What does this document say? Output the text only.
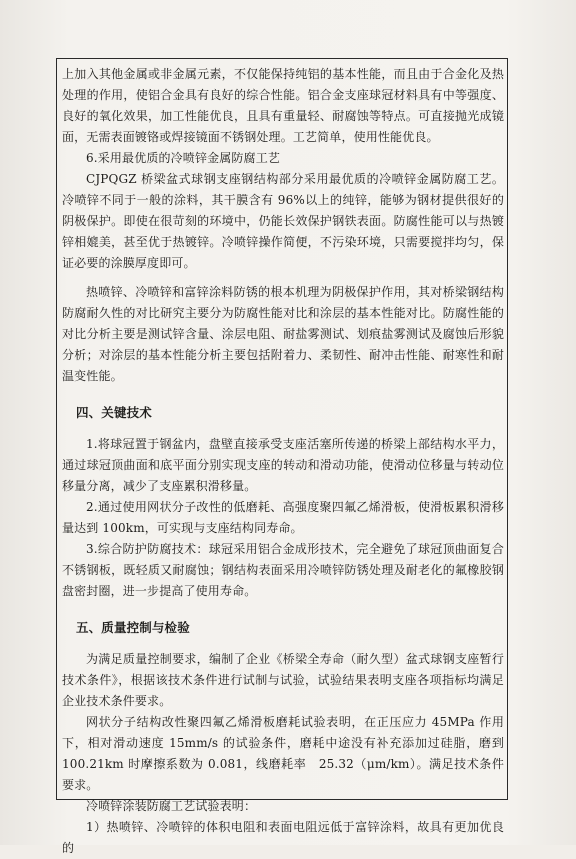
上加入其他金属或非金属元素，不仅能保持纯铝的基本性能，而且由于合金化及热处理的作用，使铝合金具有良好的综合性能。铝合金支座球冠材料具有中等强度、良好的氧化效果，加工性能优良，且具有重量轻、耐腐蚀等特点。可直接抛光成镜面，无需表面镀铬或焊接镜面不锈钢处理。工艺简单，使用性能优良。

6.采用最优质的冷喷锌金属防腐工艺

CJPQGZ 桥梁盆式球钢支座钢结构部分采用最优质的冷喷锌金属防腐工艺。冷喷锌不同于一般的涂料，其干膜含有 96%以上的纯锌，能够为钢材提供很好的阴极保护。即使在很苛刻的环境中，仍能长效保护钢铁表面。防腐性能可以与热镀锌相媲美，甚至优于热镀锌。冷喷锌操作简便，不污染环境，只需要搅拌均匀，保证必要的涂膜厚度即可。

热喷锌、冷喷锌和富锌涂料防锈的根本机理为阴极保护作用，其对桥梁钢结构防腐耐久性的对比研究主要分为防腐性能对比和涂层的基本性能对比。防腐性能的对比分析主要是测试锌含量、涂层电阻、耐盐雾测试、划痕盐雾测试及腐蚀后形貌分析；对涂层的基本性能分析主要包括附着力、柔韧性、耐冲击性能、耐寒性和耐温变性能。

四、关键技术

1.将球冠置于钢盆内，盘壁直接承受支座活塞所传递的桥梁上部结构水平力，通过球冠顶曲面和底平面分别实现支座的转动和滑动功能，使滑动位移量与转动位移量分离，减少了支座累积滑移量。

2.通过使用网状分子改性的低磨耗、高强度聚四氟乙烯滑板，使滑板累积滑移量达到 100km，可实现与支座结构同寿命。

3.综合防护防腐技术：球冠采用铝合金成形技术，完全避免了球冠顶曲面复合不锈钢板，既轻质又耐腐蚀；钢结构表面采用冷喷锌防锈处理及耐老化的氟橡胶钢盘密封圈，进一步提高了使用寿命。

五、质量控制与检验

为满足质量控制要求，编制了企业《桥梁全寿命（耐久型）盆式球钢支座暂行技术条件》，根据该技术条件进行试制与试验，试验结果表明支座各项指标均满足企业技术条件要求。

网状分子结构改性聚四氟乙烯滑板磨耗试验表明，在正压应力 45MPa 作用下，相对滑动速度 15mm/s 的试验条件，磨耗中途没有补充添加过硅脂，磨到 100.21km 时摩擦系数为 0.081，线磨耗率　25.32（μm/km）。满足技术条件要求。

冷喷锌涂装防腐工艺试验表明：

1）热喷锌、冷喷锌的体积电阻和表面电阻远低于富锌涂料，故具有更加优良的
